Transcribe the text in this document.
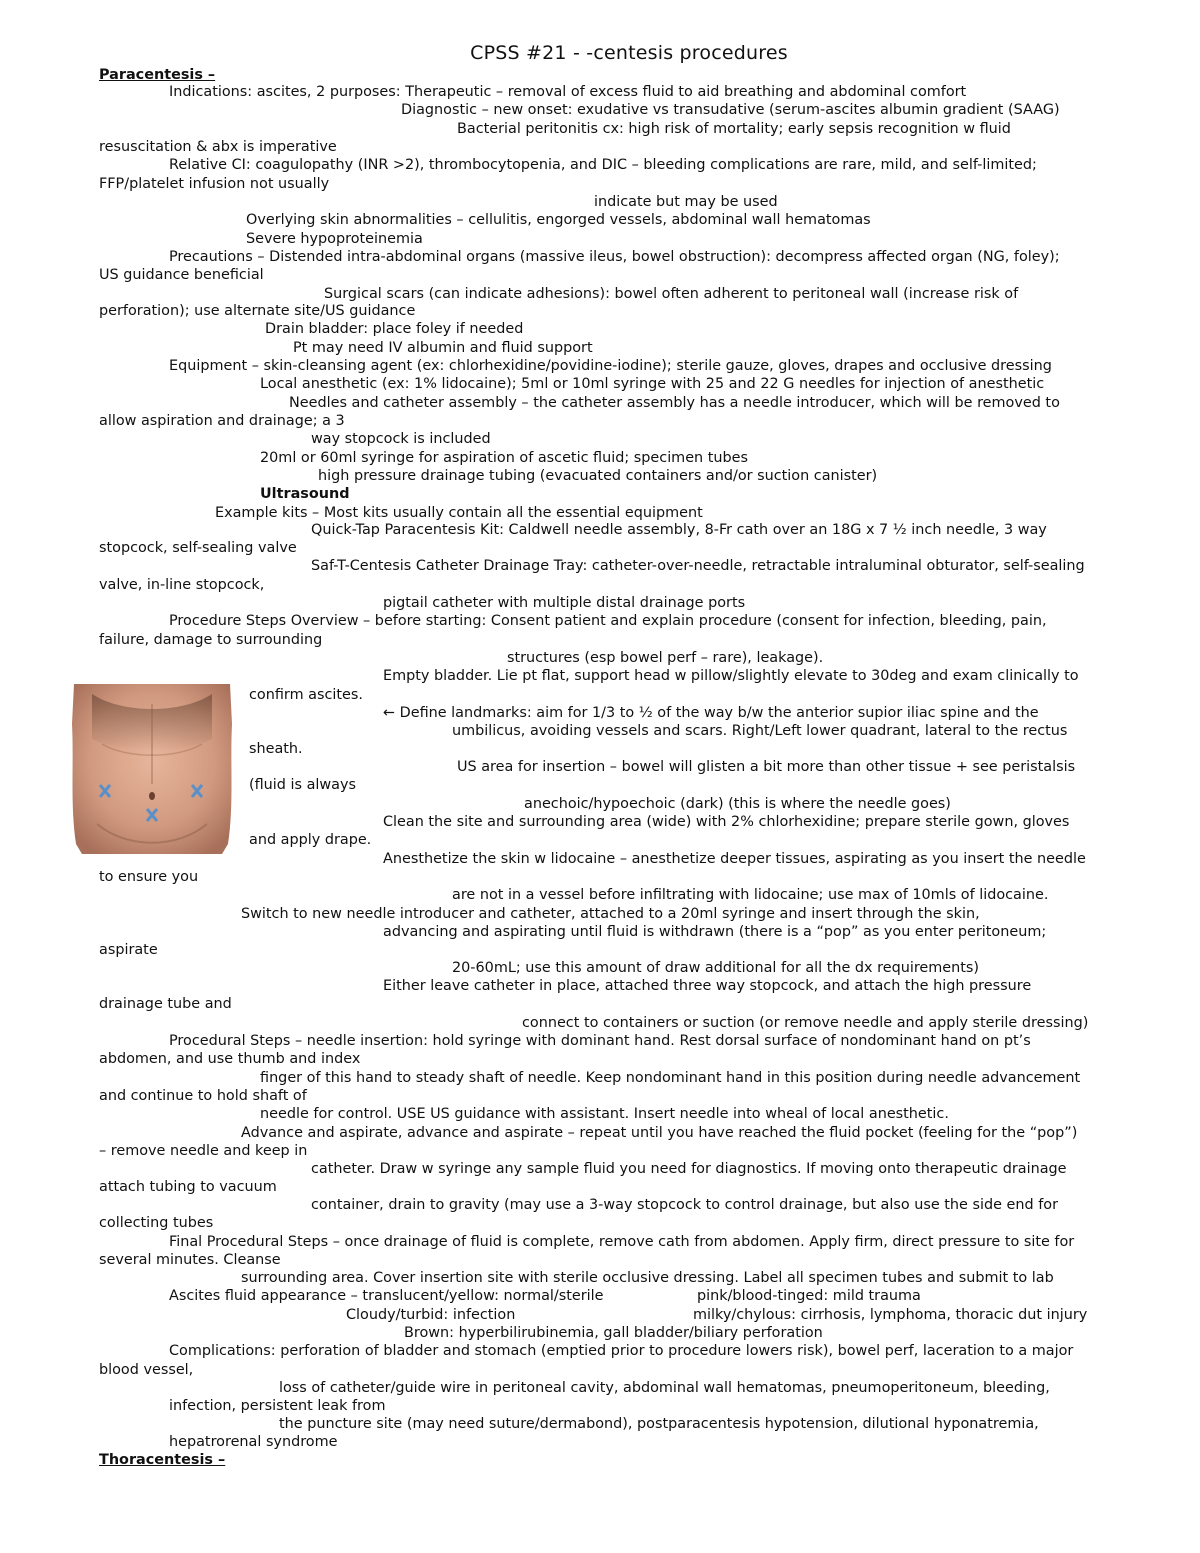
CPSS #21 - -centesis procedures
Paracentesis –
Indications: ascites, 2 purposes: Therapeutic – removal of excess fluid to aid breathing and abdominal comfort
Diagnostic – new onset: exudative vs transudative (serum-ascites albumin gradient (SAAG)
Bacterial peritonitis cx: high risk of mortality; early sepsis recognition w fluid
resuscitation & abx is imperative
Relative CI: coagulopathy (INR >2), thrombocytopenia, and DIC – bleeding complications are rare, mild, and self-limited;
FFP/platelet infusion not usually
indicate but may be used
Overlying skin abnormalities – cellulitis, engorged vessels, abdominal wall hematomas
Severe hypoproteinemia
Precautions – Distended intra-abdominal organs (massive ileus, bowel obstruction): decompress affected organ (NG, foley);
US guidance beneficial
Surgical scars (can indicate adhesions): bowel often adherent to peritoneal wall (increase risk of
perforation); use alternate site/US guidance
Drain bladder: place foley if needed
Pt may need IV albumin and fluid support
Equipment – skin-cleansing agent (ex: chlorhexidine/povidine-iodine); sterile gauze, gloves, drapes and occlusive dressing
Local anesthetic (ex: 1% lidocaine); 5ml or 10ml syringe with 25 and 22 G needles for injection of anesthetic
Needles and catheter assembly – the catheter assembly has a needle introducer, which will be removed to
allow aspiration and drainage; a 3
way stopcock is included
20ml or 60ml syringe for aspiration of ascetic fluid; specimen tubes
high pressure drainage tubing (evacuated containers and/or suction canister)
Ultrasound
Example kits – Most kits usually contain all the essential equipment
Quick-Tap Paracentesis Kit: Caldwell needle assembly, 8-Fr cath over an 18G x 7 ½ inch needle, 3 way
stopcock, self-sealing valve
Saf-T-Centesis Catheter Drainage Tray: catheter-over-needle, retractable intraluminal obturator, self-sealing
valve, in-line stopcock,
pigtail catheter with multiple distal drainage ports
Procedure Steps Overview – before starting: Consent patient and explain procedure (consent for infection, bleeding, pain,
failure, damage to surrounding
structures (esp bowel perf – rare), leakage).
Empty bladder. Lie pt flat, support head w pillow/slightly elevate to 30deg and exam clinically to
confirm ascites.
← Define landmarks: aim for 1/3 to ½ of the way b/w the anterior supior iliac spine and the
umbilicus, avoiding vessels and scars. Right/Left lower quadrant, lateral to the rectus
sheath.
US area for insertion – bowel will glisten a bit more than other tissue + see peristalsis
(fluid is always
anechoic/hypoechoic (dark) (this is where the needle goes)
Clean the site and surrounding area (wide) with 2% chlorhexidine; prepare sterile gown, gloves
and apply drape.
Anesthetize the skin w lidocaine – anesthetize deeper tissues, aspirating as you insert the needle
to ensure you
are not in a vessel before infiltrating with lidocaine; use max of 10mls of lidocaine.
Switch to new needle introducer and catheter, attached to a 20ml syringe and insert through the skin,
advancing and aspirating until fluid is withdrawn (there is a “pop” as you enter peritoneum;
aspirate
20-60mL; use this amount of draw additional for all the dx requirements)
Either leave catheter in place, attached three way stopcock, and attach the high pressure
drainage tube and
connect to containers or suction (or remove needle and apply sterile dressing)
Procedural Steps – needle insertion: hold syringe with dominant hand. Rest dorsal surface of nondominant hand on pt’s
abdomen, and use thumb and index
finger of this hand to steady shaft of needle. Keep nondominant hand in this position during needle advancement
and continue to hold shaft of
needle for control. USE US guidance with assistant. Insert needle into wheal of local anesthetic.
Advance and aspirate, advance and aspirate – repeat until you have reached the fluid pocket (feeling for the “pop”)
– remove needle and keep in
catheter. Draw w syringe any sample fluid you need for diagnostics. If moving onto therapeutic drainage
attach tubing to vacuum
container, drain to gravity (may use a 3-way stopcock to control drainage, but also use the side end for
collecting tubes
Final Procedural Steps – once drainage of fluid is complete, remove cath from abdomen. Apply firm, direct pressure to site for
several minutes. Cleanse
surrounding area. Cover insertion site with sterile occlusive dressing. Label all specimen tubes and submit to lab
Ascites fluid appearance – translucent/yellow: normal/sterile	pink/blood-tinged: mild trauma
Cloudy/turbid: infection	milky/chylous: cirrhosis, lymphoma, thoracic dut injury
Brown: hyperbilirubinemia, gall bladder/biliary perforation
Complications: perforation of bladder and stomach (emptied prior to procedure lowers risk), bowel perf, laceration to a major
blood vessel,
loss of catheter/guide wire in peritoneal cavity, abdominal wall hematomas, pneumoperitoneum, bleeding,
infection, persistent leak from
the puncture site (may need suture/dermabond), postparacentesis hypotension, dilutional hyponatremia,
hepatrorenal syndrome
Thoracentesis –
